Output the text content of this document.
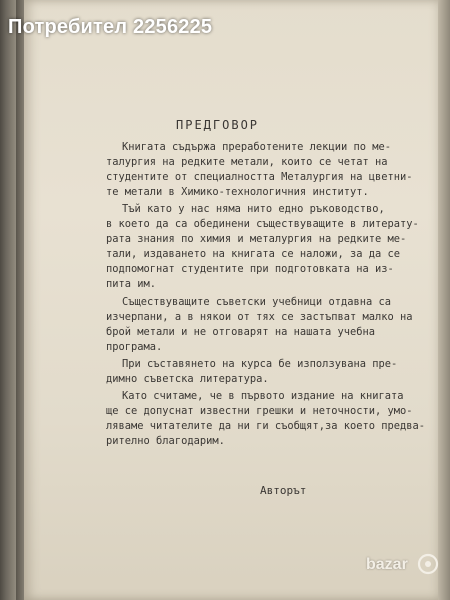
ПРЕДГОВОР
Книгата съдържа преработените лекции по ме-
талургия на редките метали, които се четат на
студентите от специалността Металургия на цветни-
те метали в Химико-технологичния институт.
Тъй като у нас няма нито едно ръководство,
в което да са обединени съществуващите в литерату-
рата знания по химия и металургия на редките ме-
тали, издаването на книгата се наложи, за да се
подпомогнат студентите при подготовката на из-
пита им.
Съществуващите съветски учебници отдавна са
изчерпани, а в някои от тях се застъпват малко на
брой метали и не отговарят на нашата учебна
програма.
При съставянето на курса бе използувана пре-
димно съветска литература.
Като считаме, че в първото издание на книгата
ще се допуснат известни грешки и неточности, умо-
ляваме читателите да ни ги съобщят,за което предва-
рително благодарим.
Авторът
Потребител 2256225
bazar
